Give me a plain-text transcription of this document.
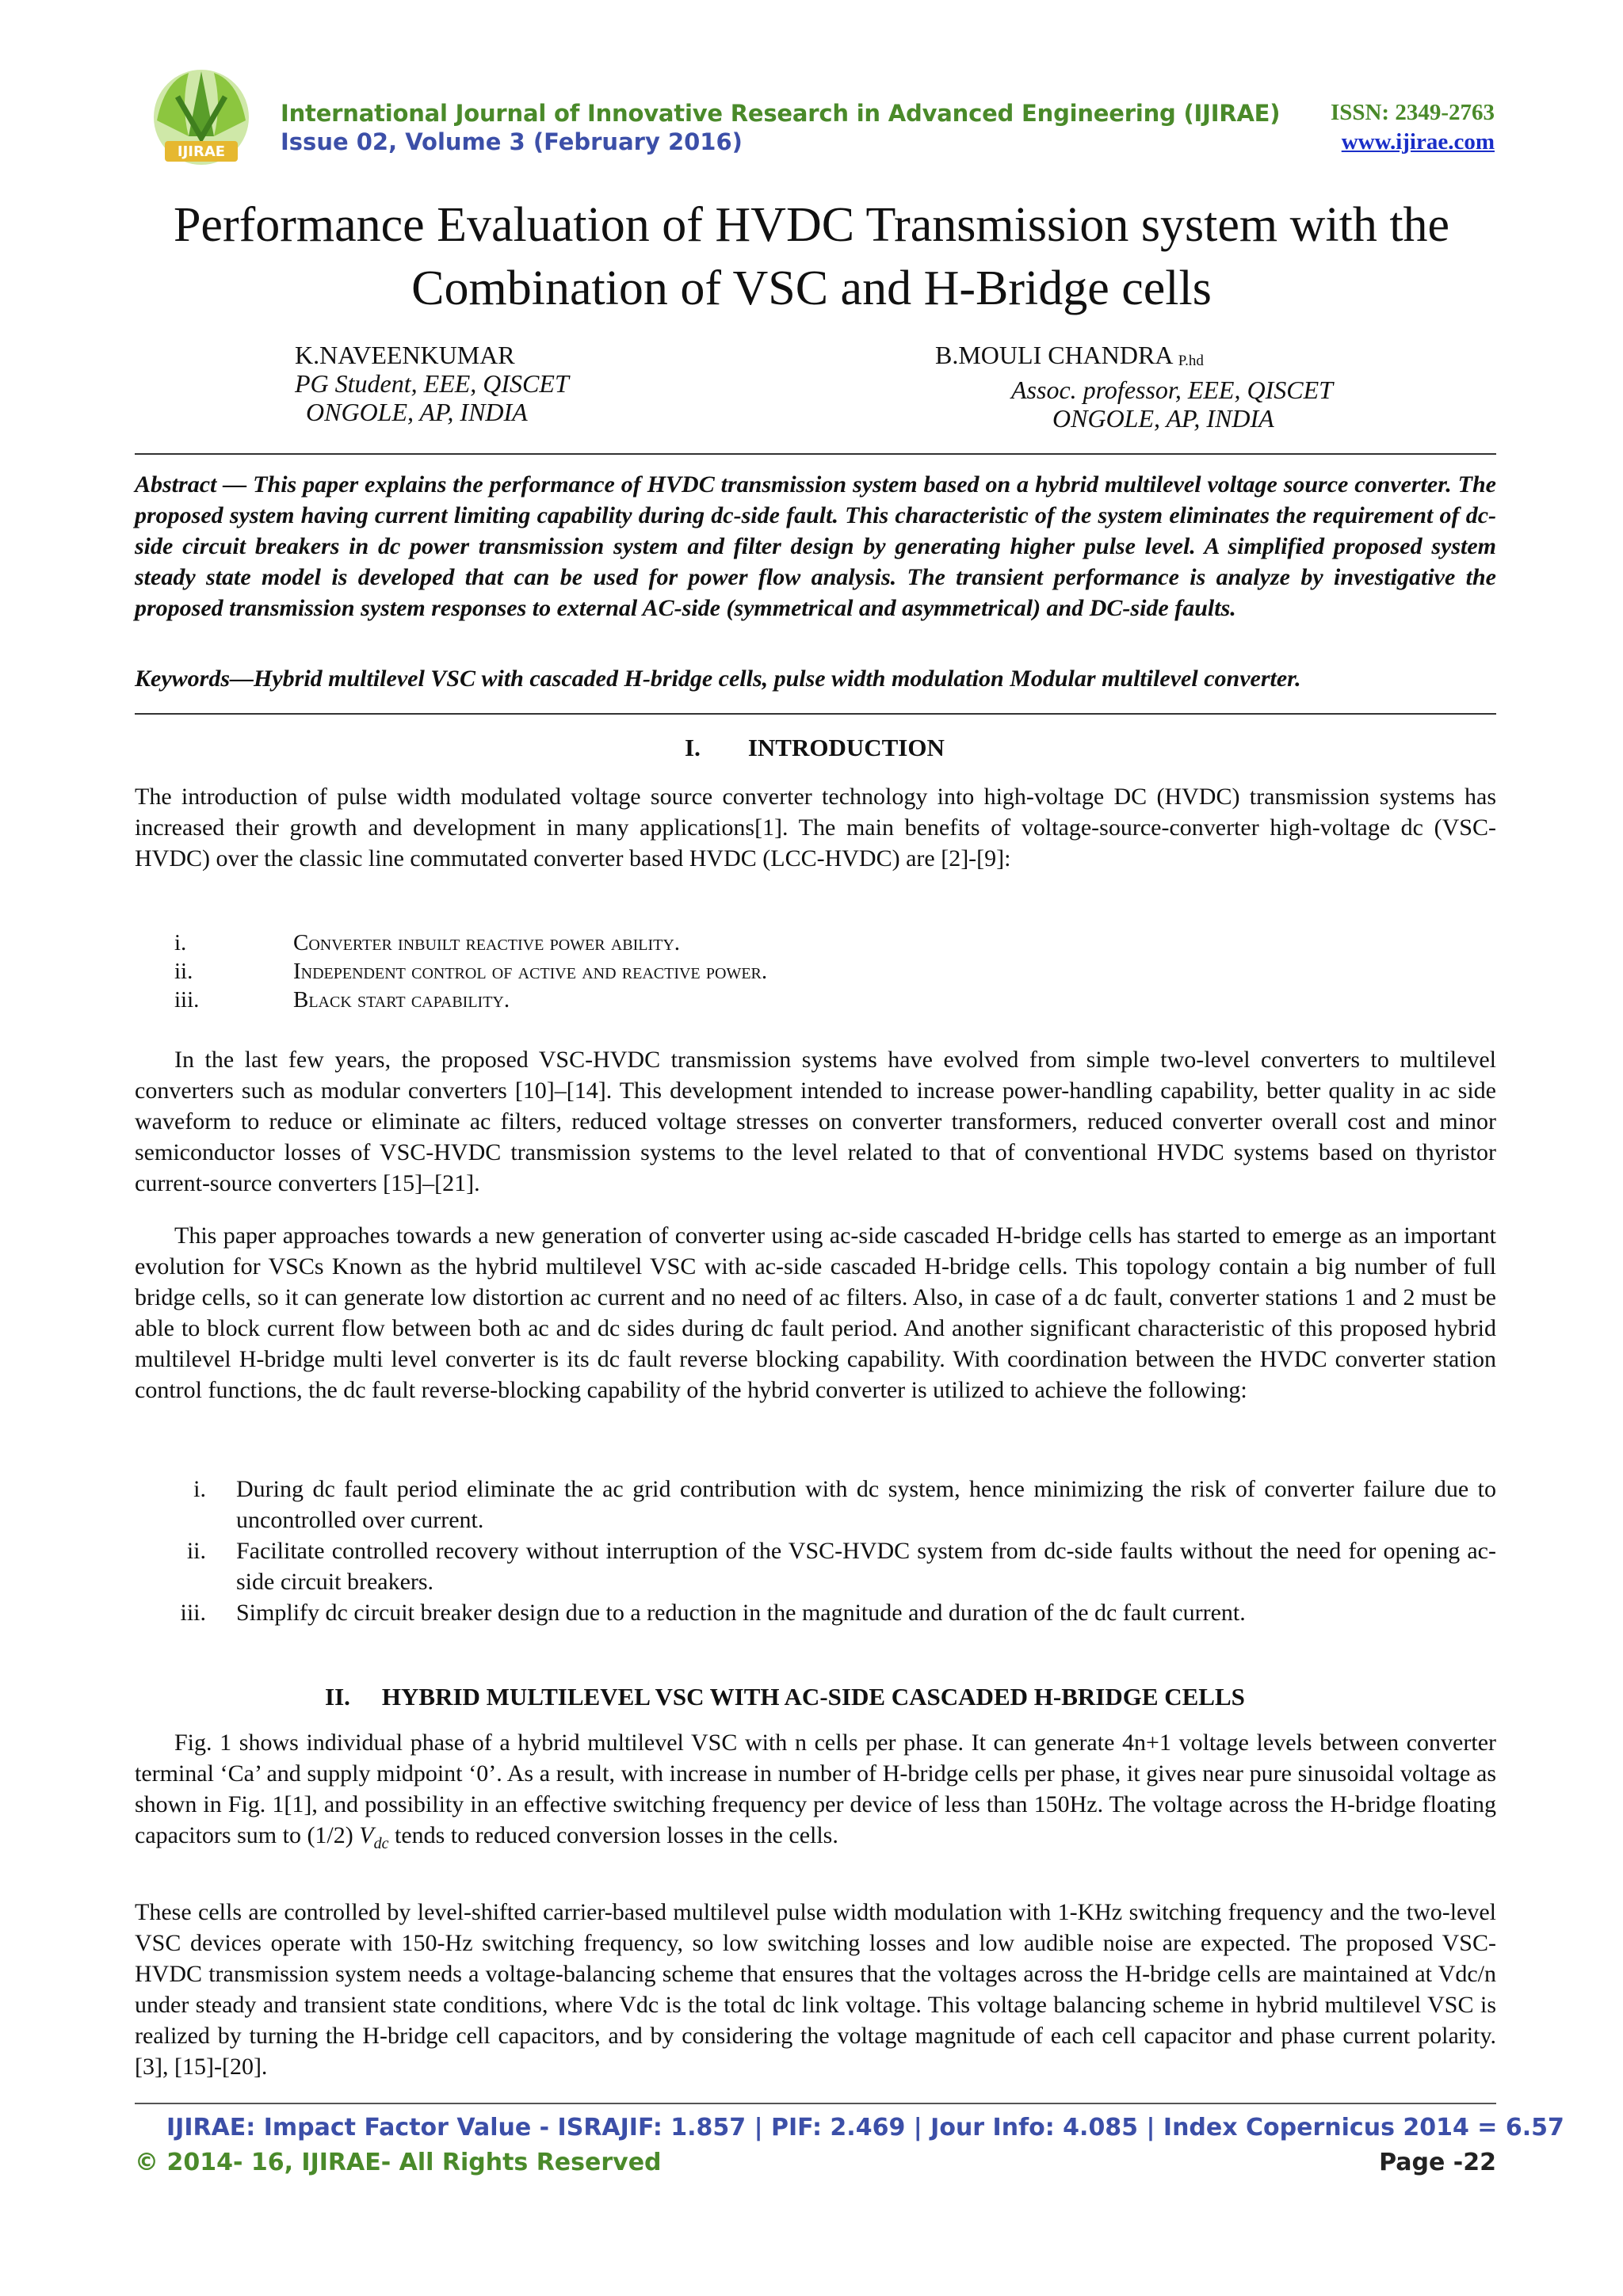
IJIRAE
International Journal of Innovative Research in Advanced Engineering (IJIRAE)
Issue 02, Volume 3 (February 2016)
ISSN: 2349-2763
www.ijirae.com
Performance Evaluation of HVDC Transmission system with the Combination of VSC and H-Bridge cells
K.NAVEENKUMAR
PG Student, EEE, QISCET
ONGOLE, AP, INDIA
B.MOULI CHANDRA $_{P.hd}$
Assoc. professor, EEE, QISCET
ONGOLE, AP, INDIA
Abstract — This paper explains the performance of HVDC transmission system based on a hybrid multilevel voltage source converter. The proposed system having current limiting capability during dc-side fault. This characteristic of the system eliminates the requirement of dc-side circuit breakers in dc power transmission system and filter design by generating higher pulse level. A simplified proposed system steady state model is developed that can be used for power flow analysis. The transient performance is analyze by investigative the proposed transmission system responses to external AC-side (symmetrical and asymmetrical) and DC-side faults.
Keywords—Hybrid multilevel VSC with cascaded H-bridge cells, pulse width modulation Modular multilevel converter.
I. INTRODUCTION
The introduction of pulse width modulated voltage source converter technology into high-voltage DC (HVDC) transmission systems has increased their growth and development in many applications[1]. The main benefits of voltage-source-converter high-voltage dc (VSC-HVDC) over the classic line commutated converter based HVDC (LCC-HVDC) are [2]-[9]:
i.	Converter inbuilt reactive power ability.
ii.	Independent control of active and reactive power.
iii.	Black start capability.
In the last few years, the proposed VSC-HVDC transmission systems have evolved from simple two-level converters to multilevel converters such as modular converters [10]–[14]. This development intended to increase power-handling capability, better quality in ac side waveform to reduce or eliminate ac filters, reduced voltage stresses on converter transformers, reduced converter overall cost and minor semiconductor losses of VSC-HVDC transmission systems to the level related to that of conventional HVDC systems based on thyristor current-source converters [15]–[21].
This paper approaches towards a new generation of converter using ac-side cascaded H-bridge cells has started to emerge as an important evolution for VSCs Known as the hybrid multilevel VSC with ac-side cascaded H-bridge cells. This topology contain a big number of full bridge cells, so it can generate low distortion ac current and no need of ac filters. Also, in case of a dc fault, converter stations 1 and 2 must be able to block current flow between both ac and dc sides during dc fault period. And another significant characteristic of this proposed hybrid multilevel H-bridge multi level converter is its dc fault reverse blocking capability. With coordination between the HVDC converter station control functions, the dc fault reverse-blocking capability of the hybrid converter is utilized to achieve the following:
i. During dc fault period eliminate the ac grid contribution with dc system, hence minimizing the risk of converter failure due to uncontrolled over current.
ii. Facilitate controlled recovery without interruption of the VSC-HVDC system from dc-side faults without the need for opening ac-side circuit breakers.
iii. Simplify dc circuit breaker design due to a reduction in the magnitude and duration of the dc fault current.
II. HYBRID MULTILEVEL VSC WITH AC-SIDE CASCADED H-BRIDGE CELLS
Fig. 1 shows individual phase of a hybrid multilevel VSC with n cells per phase. It can generate 4n+1 voltage levels between converter terminal ‘Ca’ and supply midpoint ‘0’. As a result, with increase in number of H-bridge cells per phase, it gives near pure sinusoidal voltage as shown in Fig. 1[1], and possibility in an effective switching frequency per device of less than 150Hz. The voltage across the H-bridge floating capacitors sum to (1/2) $V_{dc}$ tends to reduced conversion losses in the cells.
These cells are controlled by level-shifted carrier-based multilevel pulse width modulation with 1-KHz switching frequency and the two-level VSC devices operate with 150-Hz switching frequency, so low switching losses and low audible noise are expected. The proposed VSC-HVDC transmission system needs a voltage-balancing scheme that ensures that the voltages across the H-bridge cells are maintained at Vdc/n under steady and transient state conditions, where Vdc is the total dc link voltage. This voltage balancing scheme in hybrid multilevel VSC is realized by turning the H-bridge cell capacitors, and by considering the voltage magnitude of each cell capacitor and phase current polarity. [3], [15]-[20].
IJIRAE: Impact Factor Value - ISRAJIF: 1.857 | PIF: 2.469 | Jour Info: 4.085 | Index Copernicus 2014 = 6.57
© 2014- 16, IJIRAE- All Rights Reserved	Page -22
